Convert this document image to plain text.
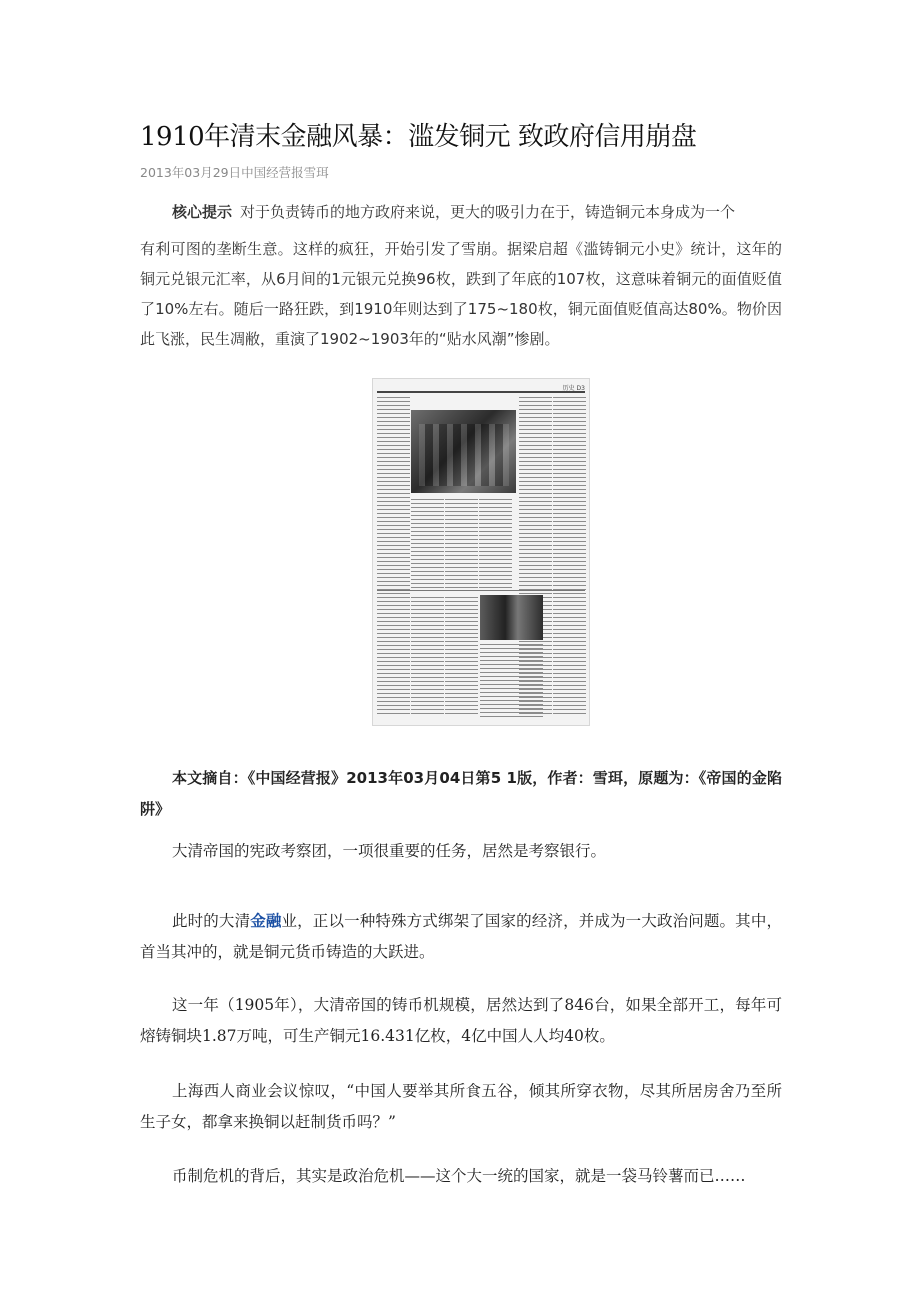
1910年清末金融风暴：滥发铜元 致政府信用崩盘
2013年03月29日中国经营报雪珥
核心提示 对于负责铸币的地方政府来说，更大的吸引力在于，铸造铜元本身成为一个
有利可图的垄断生意。这样的疯狂，开始引发了雪崩。据梁启超《滥铸铜元小史》统计，这年的铜元兑银元汇率，从6月间的1元银元兑换96枚，跌到了年底的107枚，这意味着铜元的面值贬值了10%左右。随后一路狂跌，到1910年则达到了175~180枚，铜元面值贬值高达80%。物价因此飞涨，民生凋敝，重演了1902~1903年的“贴水风潮”惨剧。
历史 D3
本文摘自：《中国经营报》2013年03月04日第5 1版，作者：雪珥，原题为：《帝国的金陷阱》

大清帝国的宪政考察团，一项很重要的任务，居然是考察银行。

此时的大清金融业，正以一种特殊方式绑架了国家的经济，并成为一大政治问题。其中，首当其冲的，就是铜元货币铸造的大跃进。

这一年（1905年），大清帝国的铸币机规模，居然达到了846台，如果全部开工，每年可熔铸铜块1.87万吨，可生产铜元16.431亿枚，4亿中国人人均40枚。

上海西人商业会议惊叹，“中国人要举其所食五谷，倾其所穿衣物，尽其所居房舍乃至所生子女，都拿来换铜以赶制货币吗？”

币制危机的背后，其实是政治危机——这个大一统的国家，就是一袋马铃薯而已……
